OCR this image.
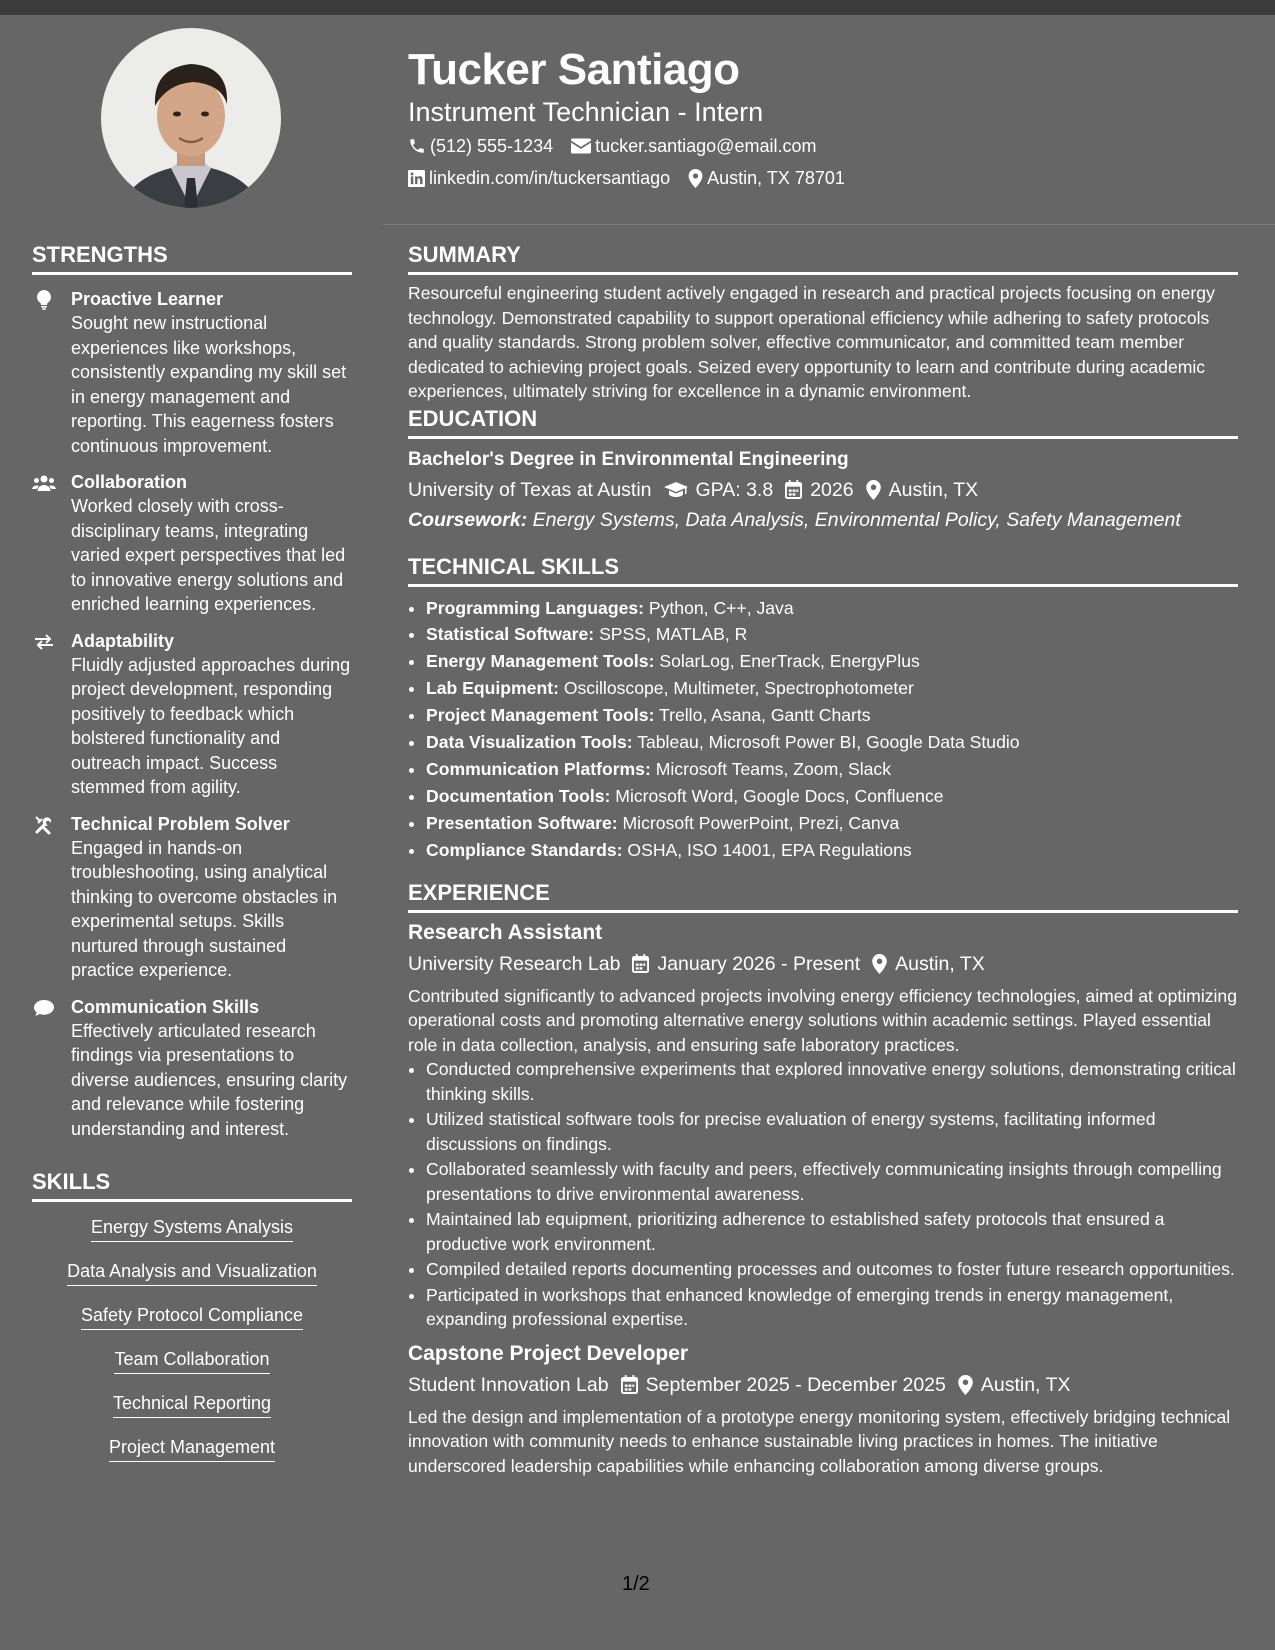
Tucker Santiago
Instrument Technician - Intern
(512) 555-1234 tucker.santiago@email.com
linkedin.com/in/tuckersantiago Austin, TX 78701
STRENGTHS
Proactive Learner
Sought new instructional experiences like workshops, consistently expanding my skill set in energy management and reporting. This eagerness fosters continuous improvement.
Collaboration
Worked closely with cross-disciplinary teams, integrating varied expert perspectives that led to innovative energy solutions and enriched learning experiences.
Adaptability
Fluidly adjusted approaches during project development, responding positively to feedback which bolstered functionality and outreach impact. Success stemmed from agility.
Technical Problem Solver
Engaged in hands-on troubleshooting, using analytical thinking to overcome obstacles in experimental setups. Skills nurtured through sustained practice experience.
Communication Skills
Effectively articulated research findings via presentations to diverse audiences, ensuring clarity and relevance while fostering understanding and interest.
SKILLS
Energy Systems Analysis
Data Analysis and Visualization
Safety Protocol Compliance
Team Collaboration
Technical Reporting
Project Management
SUMMARY

Resourceful engineering student actively engaged in research and practical projects focusing on energy technology. Demonstrated capability to support operational efficiency while adhering to safety protocols and quality standards. Strong problem solver, effective communicator, and committed team member dedicated to achieving project goals. Seized every opportunity to learn and contribute during academic experiences, ultimately striving for excellence in a dynamic environment.

EDUCATION
Bachelor's Degree in Environmental Engineering
University of Texas at Austin GPA: 3.8 2026 Austin, TX
Coursework: Energy Systems, Data Analysis, Environmental Policy, Safety Management
TECHNICAL SKILLS
• Programming Languages: Python, C++, Java
• Statistical Software: SPSS, MATLAB, R
• Energy Management Tools: SolarLog, EnerTrack, EnergyPlus
• Lab Equipment: Oscilloscope, Multimeter, Spectrophotometer
• Project Management Tools: Trello, Asana, Gantt Charts
• Data Visualization Tools: Tableau, Microsoft Power BI, Google Data Studio
• Communication Platforms: Microsoft Teams, Zoom, Slack
• Documentation Tools: Microsoft Word, Google Docs, Confluence
• Presentation Software: Microsoft PowerPoint, Prezi, Canva
• Compliance Standards: OSHA, ISO 14001, EPA Regulations
EXPERIENCE
Research Assistant
University Research Lab January 2026 - Present Austin, TX

Contributed significantly to advanced projects involving energy efficiency technologies, aimed at optimizing operational costs and promoting alternative energy solutions within academic settings. Played essential role in data collection, analysis, and ensuring safe laboratory practices.

• Conducted comprehensive experiments that explored innovative energy solutions, demonstrating critical thinking skills.
• Utilized statistical software tools for precise evaluation of energy systems, facilitating informed discussions on findings.
• Collaborated seamlessly with faculty and peers, effectively communicating insights through compelling presentations to drive environmental awareness.
• Maintained lab equipment, prioritizing adherence to established safety protocols that ensured a productive work environment.
• Compiled detailed reports documenting processes and outcomes to foster future research opportunities.
• Participated in workshops that enhanced knowledge of emerging trends in energy management, expanding professional expertise.
Capstone Project Developer
Student Innovation Lab September 2025 - December 2025 Austin, TX

Led the design and implementation of a prototype energy monitoring system, effectively bridging technical innovation with community needs to enhance sustainable living practices in homes. The initiative underscored leadership capabilities while enhancing collaboration among diverse groups.

1/2
